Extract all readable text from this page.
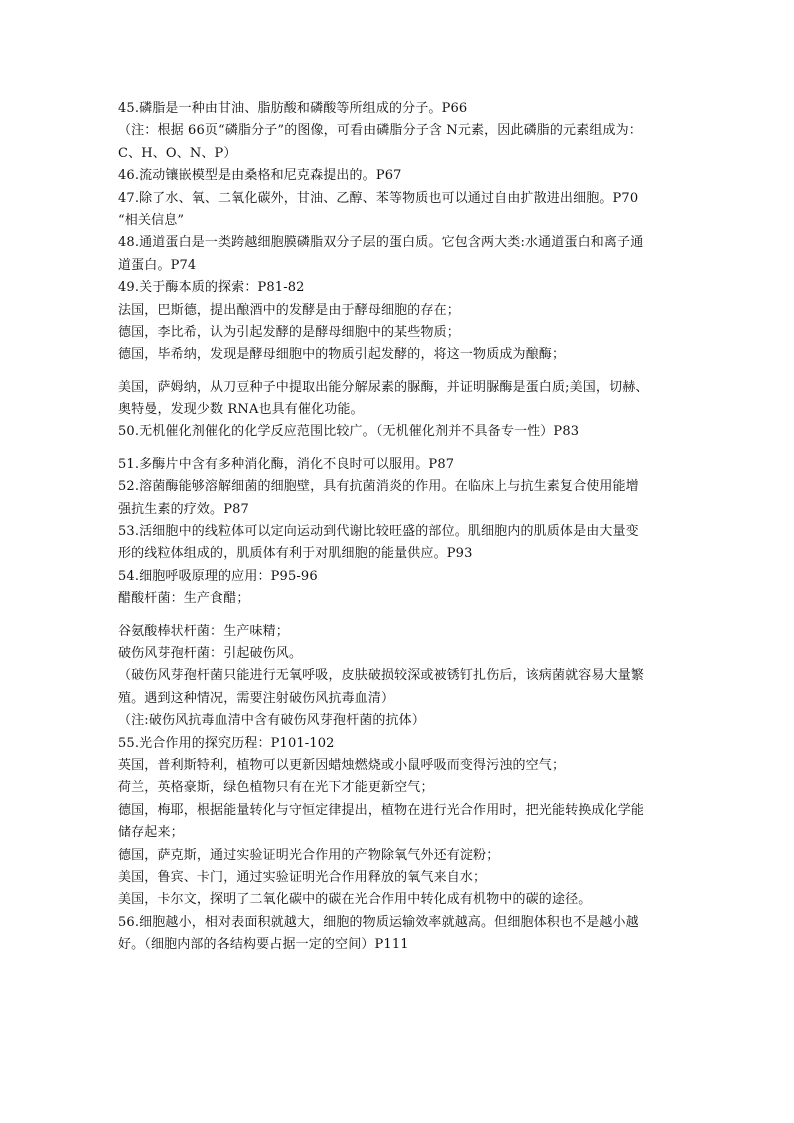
45.磷脂是一种由甘油、脂肪酸和磷酸等所组成的分子。P66
（注：根据 66页“磷脂分子”的图像，可看由磷脂分子含 N元素，因此磷脂的元素组成为：
C、H、O、N、P）
46.流动镶嵌模型是由桑格和尼克森提出的。P67
47.除了水、氧、二氧化碳外，甘油、乙醇、苯等物质也可以通过自由扩散进出细胞。P70
“相关信息”
48.通道蛋白是一类跨越细胞膜磷脂双分子层的蛋白质。它包含两大类:水通道蛋白和离子通
道蛋白。P74
49.关于酶本质的探索：P81-82
法国，巴斯德，提出酿酒中的发酵是由于酵母细胞的存在；
德国，李比希，认为引起发酵的是酵母细胞中的某些物质；
德国，毕希纳，发现是酵母细胞中的物质引起发酵的，将这一物质成为酿酶；
美国，萨姆纳，从刀豆种子中提取出能分解尿素的脲酶，并证明脲酶是蛋白质;美国，切赫、
奥特曼，发现少数 RNA也具有催化功能。
50.无机催化剂催化的化学反应范围比较广。（无机催化剂并不具备专一性）P83
51.多酶片中含有多种消化酶，消化不良时可以服用。P87
52.溶菌酶能够溶解细菌的细胞壁，具有抗菌消炎的作用。在临床上与抗生素复合使用能增
强抗生素的疗效。P87
53.活细胞中的线粒体可以定向运动到代谢比较旺盛的部位。肌细胞内的肌质体是由大量变
形的线粒体组成的，肌质体有利于对肌细胞的能量供应。P93
54.细胞呼吸原理的应用：P95-96
醋酸杆菌：生产食醋；
谷氨酸棒状杆菌：生产味精；
破伤风芽孢杆菌：引起破伤风。
（破伤风芽孢杆菌只能进行无氧呼吸，皮肤破损较深或被锈钉扎伤后，该病菌就容易大量繁
殖。遇到这种情况，需要注射破伤风抗毒血清）
（注:破伤风抗毒血清中含有破伤风芽孢杆菌的抗体）
55.光合作用的探究历程：P101-102
英国，普利斯特利，植物可以更新因蜡烛燃烧或小鼠呼吸而变得污浊的空气；
荷兰，英格豪斯，绿色植物只有在光下才能更新空气；
德国，梅耶，根据能量转化与守恒定律提出，植物在进行光合作用时，把光能转换成化学能
储存起来；
德国，萨克斯，通过实验证明光合作用的产物除氧气外还有淀粉；
美国，鲁宾、卡门，通过实验证明光合作用释放的氧气来自水；
美国，卡尔文，探明了二氧化碳中的碳在光合作用中转化成有机物中的碳的途径。
56.细胞越小，相对表面积就越大，细胞的物质运输效率就越高。但细胞体积也不是越小越
好。（细胞内部的各结构要占据一定的空间）P111
